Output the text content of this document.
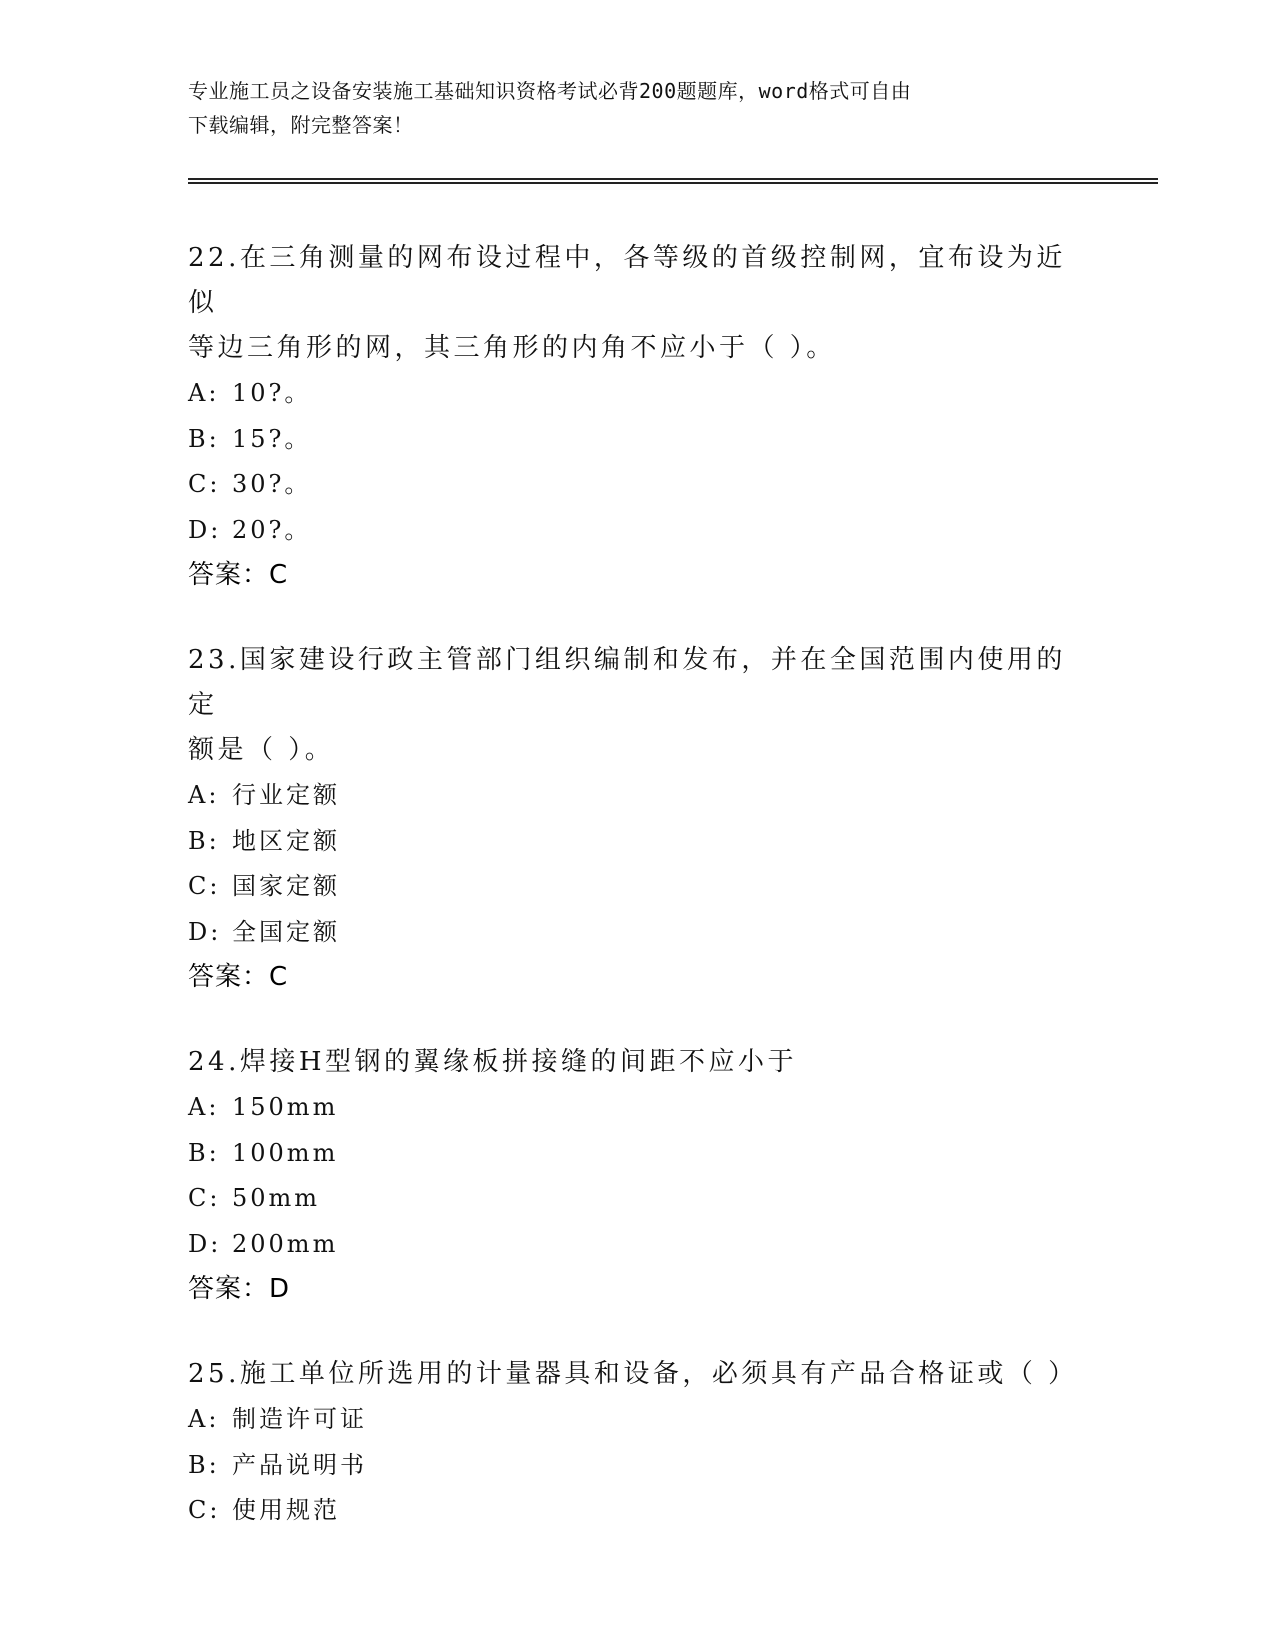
专业施工员之设备安装施工基础知识资格考试必背200题题库，word格式可自由
下载编辑，附完整答案！

22.在三角测量的网布设过程中，各等级的首级控制网，宜布设为近似
等边三角形的网，其三角形的内角不应小于（ ）。

A: 10?。
B: 15?。
C: 30?。
D: 20?。
答案：C

23.国家建设行政主管部门组织编制和发布，并在全国范围内使用的定
额是（ ）。

A: 行业定额
B: 地区定额
C: 国家定额
D: 全国定额
答案：C

24.焊接H型钢的翼缘板拼接缝的间距不应小于

A: 150mm
B: 100mm
C: 50mm
D: 200mm
答案：D

25.施工单位所选用的计量器具和设备，必须具有产品合格证或（ ）

A: 制造许可证
B: 产品说明书
C: 使用规范
